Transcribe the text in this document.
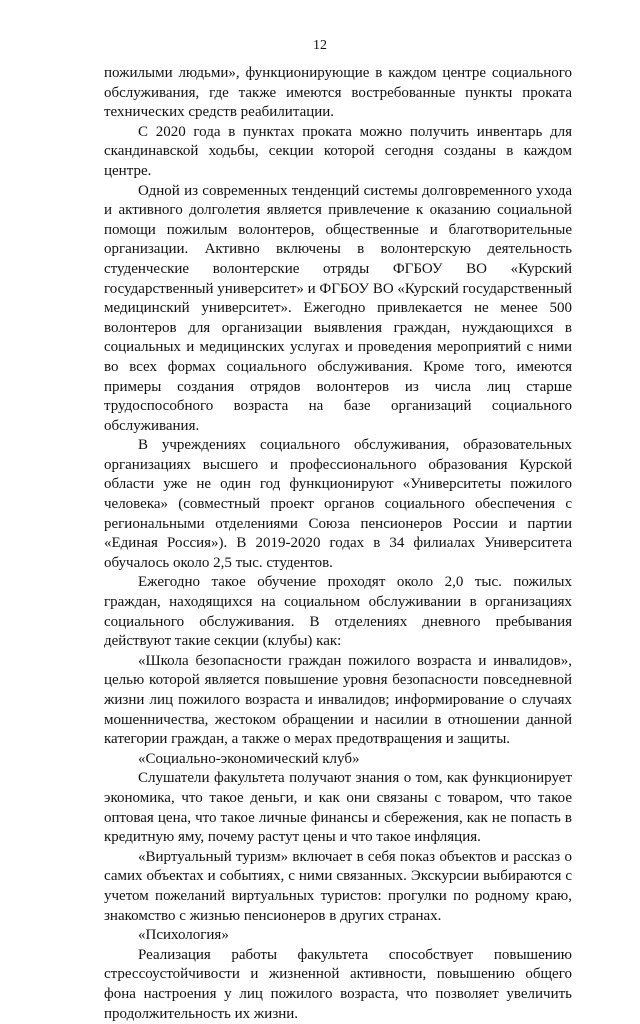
12

пожилыми людьми», функционирующие в каждом центре социального обслуживания, где также имеются востребованные пункты проката технических средств реабилитации.

С 2020 года в пунктах проката можно получить инвентарь для скандинавской ходьбы, секции которой сегодня созданы в каждом центре.

Одной из современных тенденций системы долговременного ухода и активного долголетия является привлечение к оказанию социальной помощи пожилым волонтеров, общественные и благотворительные организации. Активно включены в волонтерскую деятельность студенческие волонтерские отряды ФГБОУ ВО «Курский государственный университет» и ФГБОУ ВО «Курский государственный медицинский университет». Ежегодно привлекается не менее 500 волонтеров для организации выявления граждан, нуждающихся в социальных и медицинских услугах и проведения мероприятий с ними во всех формах социального обслуживания. Кроме того, имеются примеры создания отрядов волонтеров из числа лиц старше трудоспособного возраста на базе организаций социального обслуживания.

В учреждениях социального обслуживания, образовательных организациях высшего и профессионального образования Курской области уже не один год функционируют «Университеты пожилого человека» (совместный проект органов социального обеспечения с региональными отделениями Союза пенсионеров России и партии «Единая Россия»). В 2019-2020 годах в 34 филиалах Университета обучалось около 2,5 тыс. студентов.

Ежегодно такое обучение проходят около 2,0 тыс. пожилых граждан, находящихся на социальном обслуживании в организациях социального обслуживания. В отделениях дневного пребывания действуют такие секции (клубы) как:

«Школа безопасности граждан пожилого возраста и инвалидов», целью которой является повышение уровня безопасности повседневной жизни лиц пожилого возраста и инвалидов; информирование о случаях мошенничества, жестоком обращении и насилии в отношении данной категории граждан, а также о мерах предотвращения и защиты.

«Социально-экономический клуб»

Слушатели факультета получают знания о том, как функционирует экономика, что такое деньги, и как они связаны с товаром, что такое оптовая цена, что такое личные финансы и сбережения, как не попасть в кредитную яму, почему растут цены и что такое инфляция.

«Виртуальный туризм» включает в себя показ объектов и рассказ о самих объектах и событиях, с ними связанных. Экскурсии выбираются с учетом пожеланий виртуальных туристов: прогулки по родному краю, знакомство с жизнью пенсионеров в других странах.

«Психология»

Реализация работы факультета способствует повышению стрессоустойчивости и жизненной активности, повышению общего фона настроения у лиц пожилого возраста, что позволяет увеличить продолжительность их жизни.
